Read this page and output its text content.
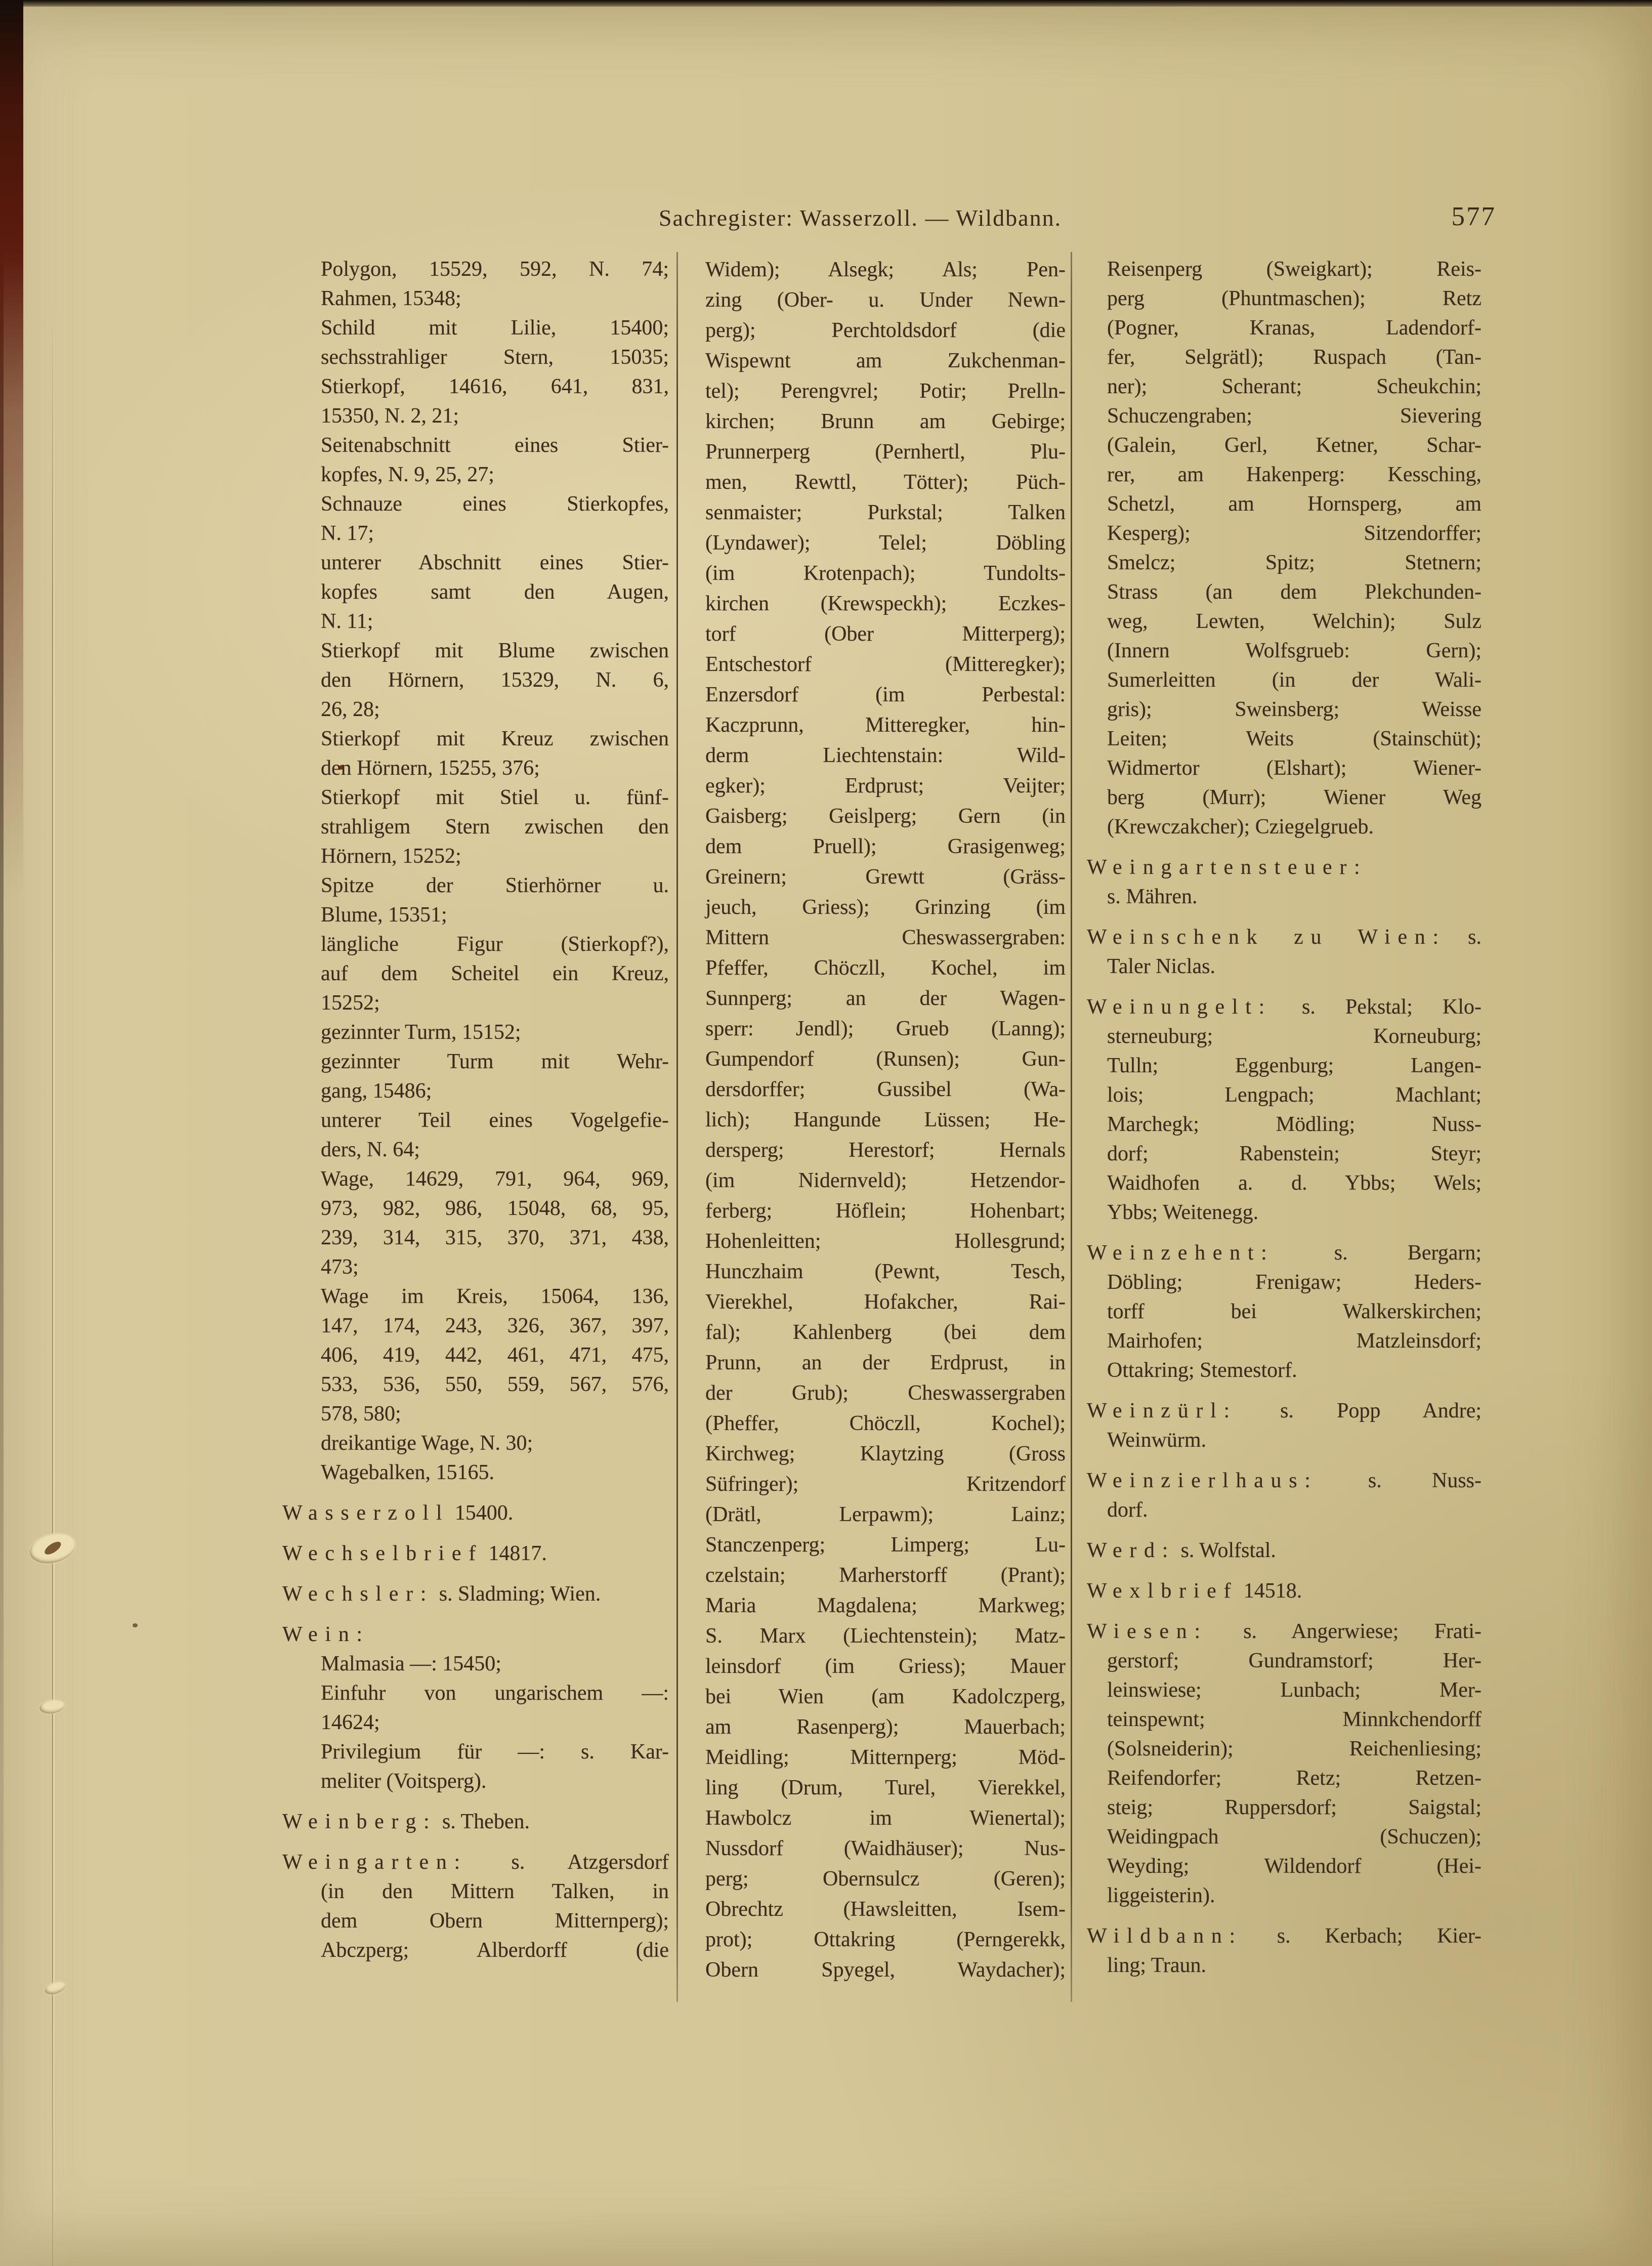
Sachregister: Wasserzoll. — Wildbann.	577
Polygon, 15529, 592, N. 74;
Rahmen, 15348;
Schild mit Lilie, 15400;
sechsstrahliger Stern, 15035;
Stierkopf, 14616, 641, 831,
15350, N. 2, 21;
Seitenabschnitt eines Stier-
kopfes, N. 9, 25, 27;
Schnauze eines Stierkopfes,
N. 17;
unterer Abschnitt eines Stier-
kopfes samt den Augen,
N. 11;
Stierkopf mit Blume zwischen
den Hörnern, 15329, N. 6,
26, 28;
Stierkopf mit Kreuz zwischen
den Hörnern, 15255, 376;
Stierkopf mit Stiel u. fünf-
strahligem Stern zwischen den
Hörnern, 15252;
Spitze der Stierhörner u.
Blume, 15351;
längliche Figur (Stierkopf?),
auf dem Scheitel ein Kreuz,
15252;
gezinnter Turm, 15152;
gezinnter Turm mit Wehr-
gang, 15486;
unterer Teil eines Vogelgefie-
ders, N. 64;
Wage, 14629, 791, 964, 969,
973, 982, 986, 15048, 68, 95,
239, 314, 315, 370, 371, 438,
473;
Wage im Kreis, 15064, 136,
147, 174, 243, 326, 367, 397,
406, 419, 442, 461, 471, 475,
533, 536, 550, 559, 567, 576,
578, 580;
dreikantige Wage, N. 30;
Wagebalken, 15165.
Wasserzoll 15400.
Wechselbrief 14817.
Wechsler: s. Sladming; Wien.
Wein:
Malmasia —: 15450;
Einfuhr von ungarischem —:
14624;
Privilegium für —: s. Kar-
meliter (Voitsperg).
Weinberg: s. Theben.
Weingarten: s. Atzgersdorf
(in den Mittern Talken, in
dem Obern Mitternperg);
Abczperg; Alberdorff (die
Widem); Alsegk; Als; Pen-
zing (Ober- u. Under Newn-
perg); Perchtoldsdorf (die
Wispewnt am Zukchenman-
tel); Perengvrel; Potir; Prelln-
kirchen; Brunn am Gebirge;
Prunnerperg (Pernhertl, Plu-
men, Rewttl, Tötter); Püch-
senmaister; Purkstal; Talken
(Lyndawer); Telel; Döbling
(im Krotenpach); Tundolts-
kirchen (Krewspeckh); Eczkes-
torf (Ober Mitterperg);
Entschestorf (Mitteregker);
Enzersdorf (im Perbestal:
Kaczprunn, Mitteregker, hin-
derm Liechtenstain: Wild-
egker); Erdprust; Veijter;
Gaisberg; Geislperg; Gern (in
dem Pruell); Grasigenweg;
Greinern; Grewtt (Gräss-
jeuch, Griess); Grinzing (im
Mittern Cheswassergraben:
Pfeffer, Chöczll, Kochel, im
Sunnperg; an der Wagen-
sperr: Jendl); Grueb (Lanng);
Gumpendorf (Runsen); Gun-
dersdorffer; Gussibel (Wa-
lich); Hangunde Lüssen; He-
dersperg; Herestorf; Hernals
(im Nidernveld); Hetzendor-
ferberg; Höflein; Hohenbart;
Hohenleitten; Hollesgrund;
Hunczhaim (Pewnt, Tesch,
Vierekhel, Hofakcher, Rai-
fal); Kahlenberg (bei dem
Prunn, an der Erdprust, in
der Grub); Cheswassergraben
(Pheffer, Chöczll, Kochel);
Kirchweg; Klaytzing (Gross
Süfringer); Kritzendorf
(Drätl, Lerpawm); Lainz;
Stanczenperg; Limperg; Lu-
czelstain; Marherstorff (Prant);
Maria Magdalena; Markweg;
S. Marx (Liechtenstein); Matz-
leinsdorf (im Griess); Mauer
bei Wien (am Kadolczperg,
am Rasenperg); Mauerbach;
Meidling; Mitternperg; Möd-
ling (Drum, Turel, Vierekkel,
Hawbolcz im Wienertal);
Nussdorf (Waidhäuser); Nus-
perg; Obernsulcz (Geren);
Obrechtz (Hawsleitten, Isem-
prot); Ottakring (Perngerekk,
Obern Spyegel, Waydacher);
Reisenperg (Sweigkart); Reis-
perg (Phuntmaschen); Retz
(Pogner, Kranas, Ladendorf-
fer, Selgrätl); Ruspach (Tan-
ner); Scherant; Scheukchin;
Schuczengraben; Sievering
(Galein, Gerl, Ketner, Schar-
rer, am Hakenperg: Kessching,
Schetzl, am Hornsperg, am
Kesperg); Sitzendorffer;
Smelcz; Spitz; Stetnern;
Strass (an dem Plekchunden-
weg, Lewten, Welchin); Sulz
(Innern Wolfsgrueb: Gern);
Sumerleitten (in der Wali-
gris); Sweinsberg; Weisse
Leiten; Weits (Stainschüt);
Widmertor (Elshart); Wiener-
berg (Murr); Wiener Weg
(Krewczakcher); Cziegelgrueb.
Weingartensteuer:
s. Mähren.
Weinschenk zu Wien: s.
Taler Niclas.
Weinungelt: s. Pekstal; Klo-
sterneuburg; Korneuburg;
Tulln; Eggenburg; Langen-
lois; Lengpach; Machlant;
Marchegk; Mödling; Nuss-
dorf; Rabenstein; Steyr;
Waidhofen a. d. Ybbs; Wels;
Ybbs; Weitenegg.
Weinzehent: s. Bergarn;
Döbling; Frenigaw; Heders-
torff bei Walkerskirchen;
Mairhofen; Matzleinsdorf;
Ottakring; Stemestorf.
Weinzürl: s. Popp Andre;
Weinwürm.
Weinzierlhaus: s. Nuss-
dorf.
Werd: s. Wolfstal.
Wexlbrief 14518.
Wiesen: s. Angerwiese; Frati-
gerstorf; Gundramstorf; Her-
leinswiese; Lunbach; Mer-
teinspewnt; Minnkchendorff
(Solsneiderin); Reichenliesing;
Reifendorfer; Retz; Retzen-
steig; Ruppersdorf; Saigstal;
Weidingpach (Schuczen);
Weyding; Wildendorf (Hei-
liggeisterin).
Wildbann: s. Kerbach; Kier-
ling; Traun.
